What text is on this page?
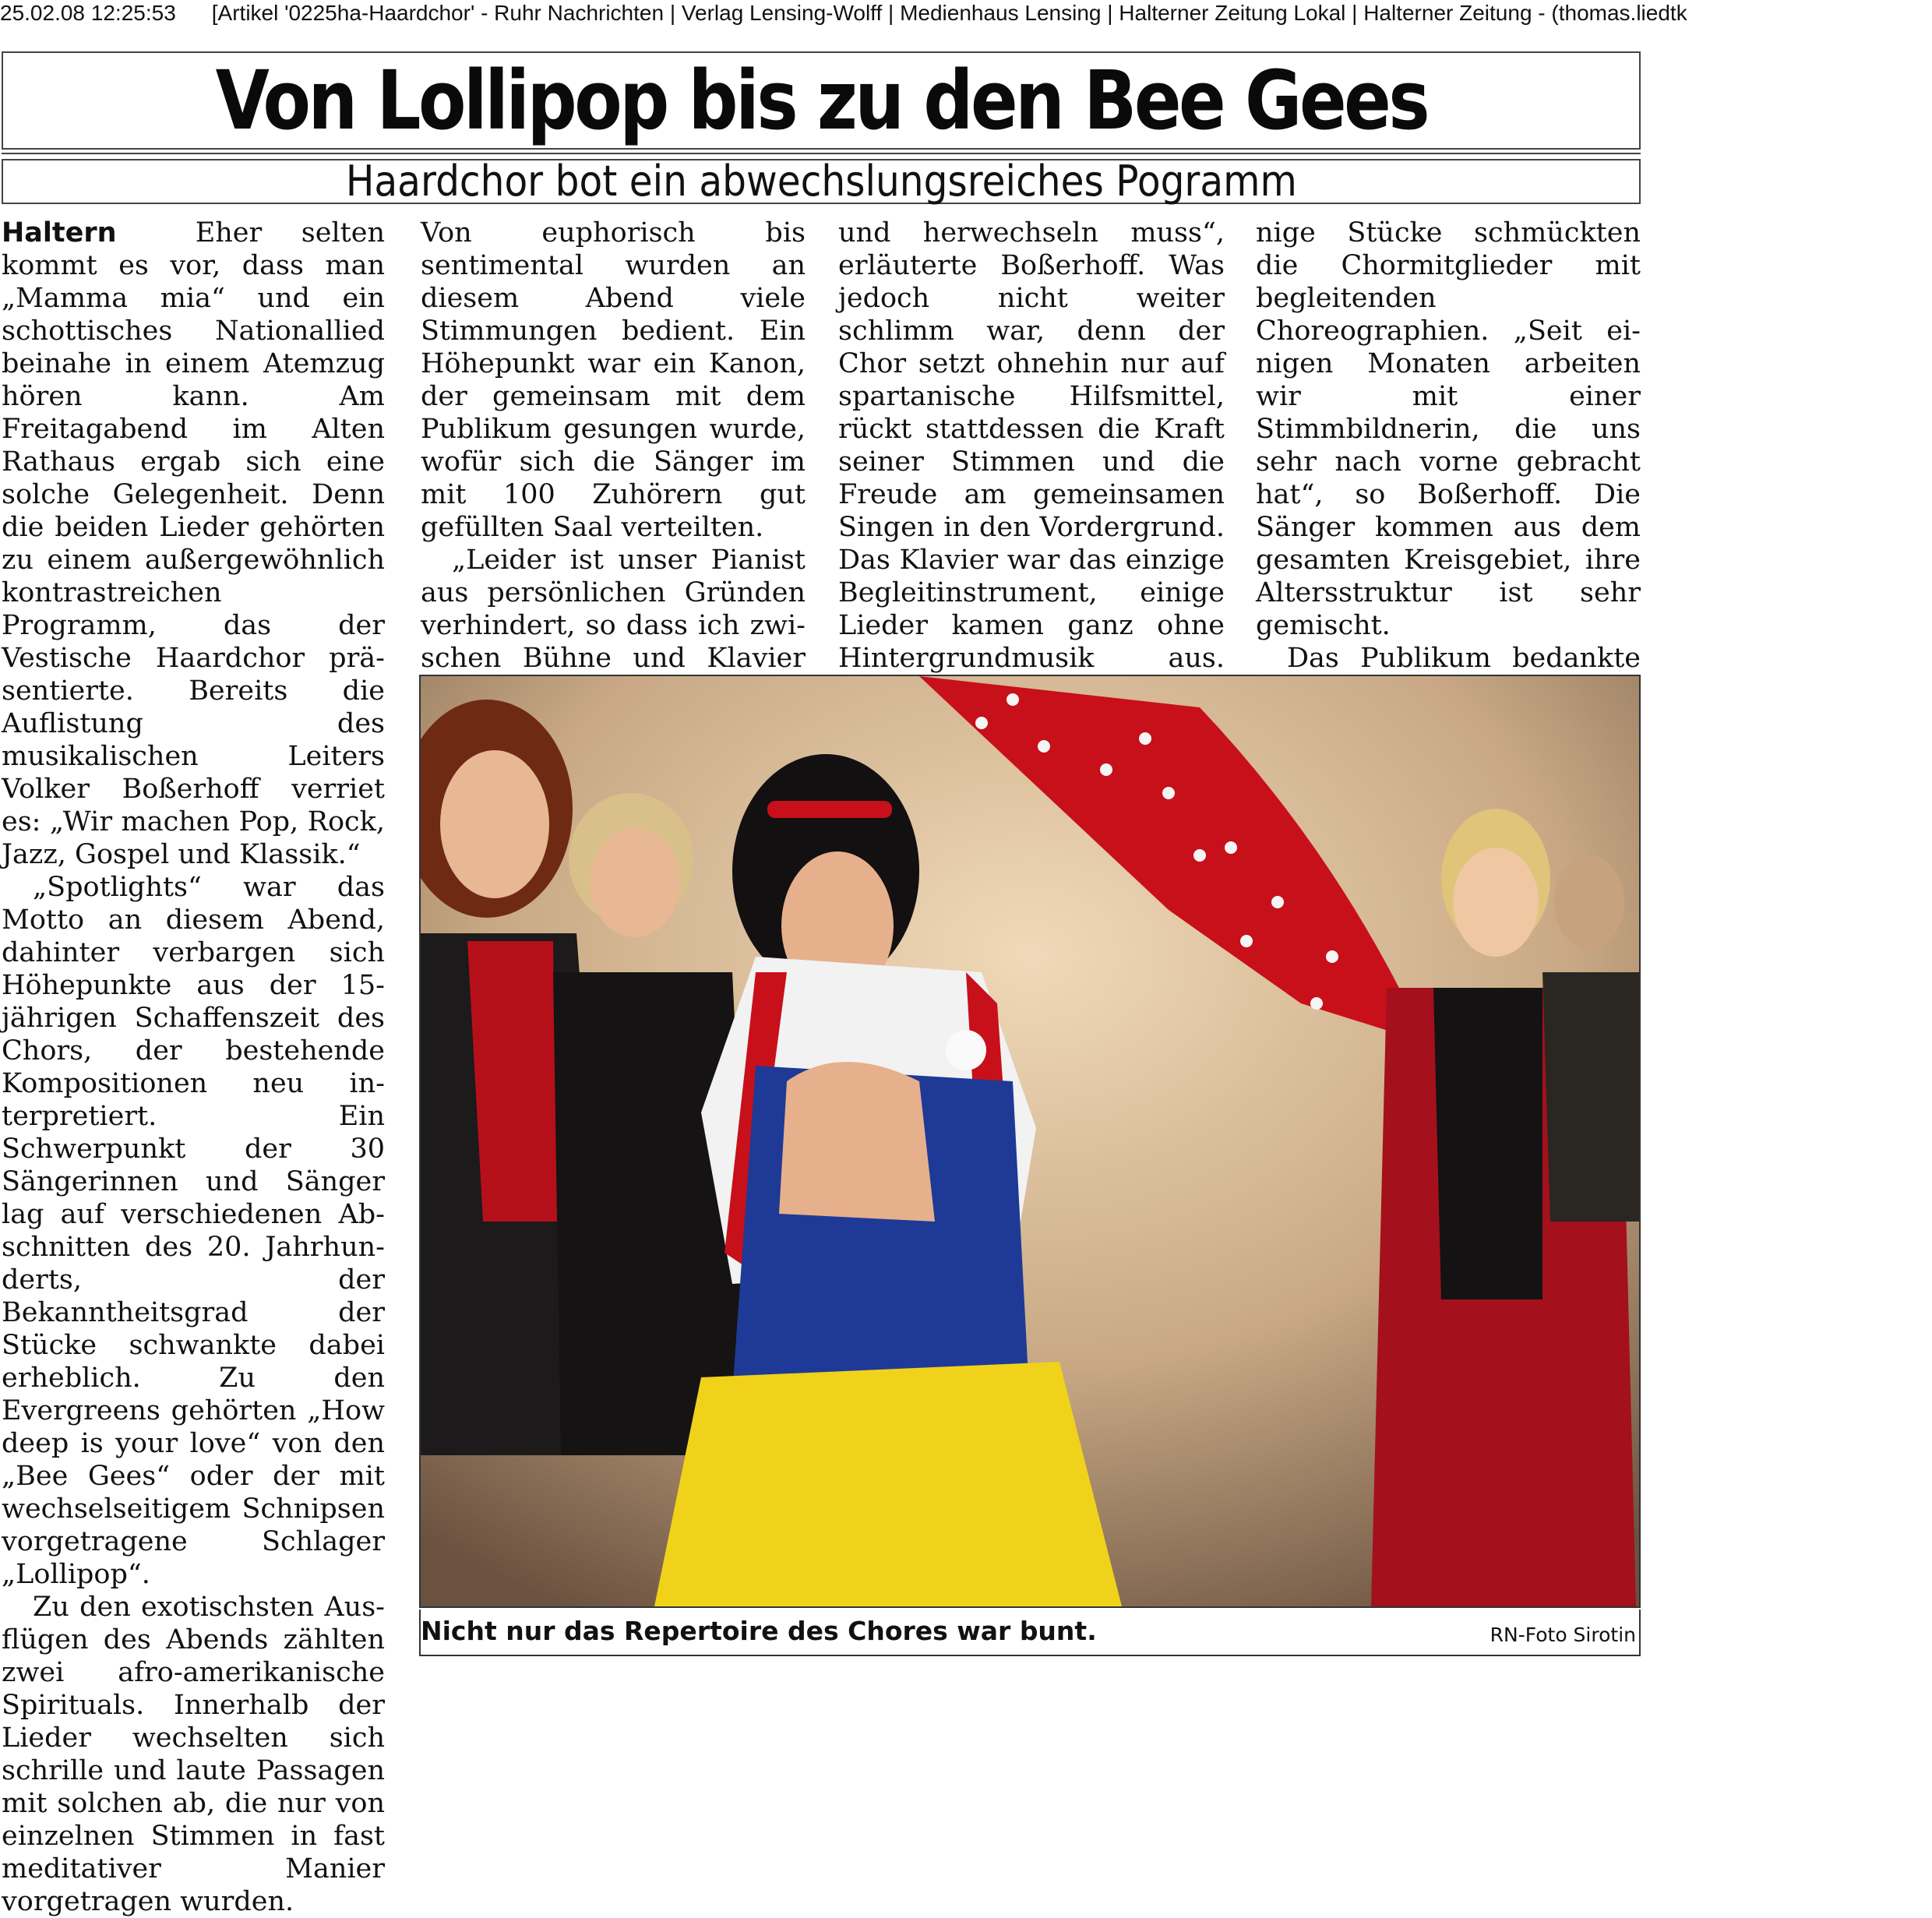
25.02.08 12:25:53 [Artikel '0225ha-Haardchor' - Ruhr Nachrichten | Verlag Lensing-Wolff | Medienhaus Lensing | Halterner Zeitung Lokal | Halterner Zeitung - (thomas.liedtk
Von Lollipop bis zu den Bee Gees
Haardchor bot ein abwechslungsreiches Pogramm

Haltern	Eher selten kommt es vor, dass man „Mamma mia“ und ein schottisches Nationallied beinahe in einem Atemzug hören kann. Am Freitagabend im Alten Rathaus ergab sich eine solche Gelegenheit. Denn die beiden Lieder gehörten zu einem außergewöhnlich kontrastreichen Programm, das der Vestische Haardchor präsentierte. Bereits die Auflistung des musikalischen Leiters Volker Boßerhoff verriet es: „Wir machen Pop, Rock, Jazz, Gospel und Klassik.“

„Spotlights“ war das Motto an diesem Abend, dahinter verbargen sich Höhepunkte aus der 15-jährigen Schaffenszeit des Chors, der bestehende Kompositionen neu interpretiert. Ein Schwerpunkt der 30 Sängerinnen und Sänger lag auf verschiedenen Abschnitten des 20. Jahrhunderts, der Bekanntheitsgrad der Stücke schwankte dabei erheblich. Zu den Evergreens gehörten „How deep is your love“ von den „Bee Gees“ oder der mit wechselseitigem Schnipsen vorgetragene Schlager „Lollipop“.

Zu den exotischsten Ausflügen des Abends zählten zwei afro-amerikanische Spirituals. Innerhalb der Lieder wechselten sich schrille und laute Passagen mit solchen ab, die nur von einzelnen Stimmen in fast meditativer Manier vorgetragen wurden.

Von euphorisch bis sentimental wurden an diesem Abend viele Stimmungen bedient. Ein Höhepunkt war ein Kanon, der gemeinsam mit dem Publikum gesungen wurde, wofür sich die Sänger im mit 100 Zuhörern gut gefüllten Saal verteilten.

„Leider ist unser Pianist aus persönlichen Gründen verhindert, so dass ich zwischen Bühne und Klavier

und herwechseln muss“, erläuterte Boßerhoff. Was jedoch nicht weiter schlimm war, denn der Chor setzt ohnehin nur auf spartanische Hilfsmittel, rückt stattdessen die Kraft seiner Stimmen und die Freude am gemeinsamen Singen in den Vordergrund. Das Klavier war das einzige Begleitinstrument, einige Lieder kamen ganz ohne Hintergrundmusik aus.

nige Stücke schmückten die Chormitglieder mit begleitenden Choreographien. „Seit einigen Monaten arbeiten wir mit einer Stimmbildnerin, die uns sehr nach vorne gebracht hat“, so Boßerhoff. Die Sänger kommen aus dem gesamten Kreisgebiet, ihre Altersstruktur ist sehr gemischt.

Das Publikum bedankte

Nicht nur das Repertoire des Chores war bunt.	RN-Foto Sirotin
